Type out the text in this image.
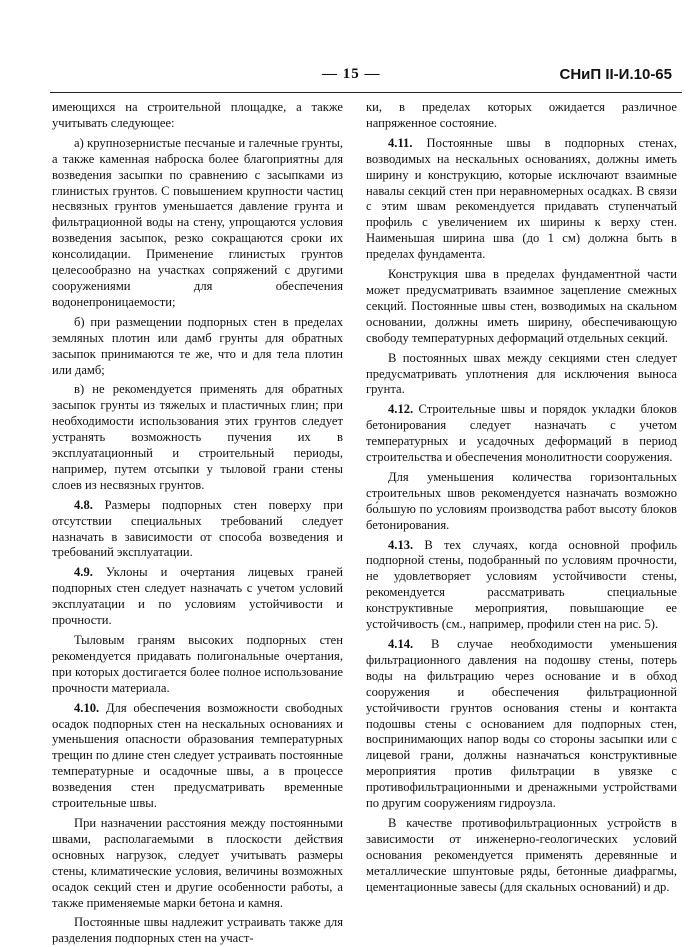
— 15 —	СНиП II-И.10-65

имеющихся на строительной площадке, а также учитывать следующее:

а) крупнозернистые песчаные и галечные грунты, а также каменная наброска более благоприятны для возведения засыпки по сравнению с засыпками из глинистых грунтов. С повышением крупности частиц несвязных грунтов уменьшается давление грунта и фильтрационной воды на стену, упрощаются условия возведения засыпок, резко сокращаются сроки их консолидации. Применение глинистых грунтов целесообразно на участках сопряжений с другими сооружениями для обеспечения водонепроницаемости;

б) при размещении подпорных стен в пределах земляных плотин или дамб грунты для обратных засыпок принимаются те же, что и для тела плотин или дамб;

в) не рекомендуется применять для обратных засыпок грунты из тяжелых и пластичных глин; при необходимости использования этих грунтов следует устранять возможность пучения их в эксплуатационный и строительный периоды, например, путем отсыпки у тыловой грани стены слоев из несвязных грунтов.

4.8. Размеры подпорных стен поверху при отсутствии специальных требований следует назначать в зависимости от способа возведения и требований эксплуатации.

4.9. Уклоны и очертания лицевых граней подпорных стен следует назначать с учетом условий эксплуатации и по условиям устойчивости и прочности.

Тыловым граням высоких подпорных стен рекомендуется придавать полигональные очертания, при которых достигается более полное использование прочности материала.

4.10. Для обеспечения возможности свободных осадок подпорных стен на нескальных основаниях и уменьшения опасности образования температурных трещин по длине стен следует устраивать постоянные температурные и осадочные швы, а в процессе возведения стен предусматривать временные строительные швы.

При назначении расстояния между постоянными швами, располагаемыми в плоскости действия основных нагрузок, следует учитывать размеры стены, климатические условия, величины возможных осадок секций стен и другие особенности работы, а также применяемые марки бетона и камня.

Постоянные швы надлежит устраивать также для разделения подпорных стен на участ-

ки, в пределах которых ожидается различное напряженное состояние.

4.11. Постоянные швы в подпорных стенах, возводимых на нескальных основаниях, должны иметь ширину и конструкцию, которые исключают взаимные навалы секций стен при неравномерных осадках. В связи с этим швам рекомендуется придавать ступенчатый профиль с увеличением их ширины к верху стен. Наименьшая ширина шва (до 1 см) должна быть в пределах фундамента.

Конструкция шва в пределах фундаментной части может предусматривать взаимное зацепление смежных секций. Постоянные швы стен, возводимых на скальном основании, должны иметь ширину, обеспечивающую свободу температурных деформаций отдельных секций.

В постоянных швах между секциями стен следует предусматривать уплотнения для исключения выноса грунта.

4.12. Строительные швы и порядок укладки блоков бетонирования следует назначать с учетом температурных и усадочных деформаций в период строительства и обеспечения монолитности сооружения.

Для уменьшения количества горизонтальных строительных швов рекомендуется назначать возможно бо́льшую по условиям производства работ высоту блоков бетонирования.

4.13. В тех случаях, когда основной профиль подпорной стены, подобранный по условиям прочности, не удовлетворяет условиям устойчивости стены, рекомендуется рассматривать специальные конструктивные мероприятия, повышающие ее устойчивость (см., например, профили стен на рис. 5).

4.14. В случае необходимости уменьшения фильтрационного давления на подошву стены, потерь воды на фильтрацию через основание и в обход сооружения и обеспечения фильтрационной устойчивости грунтов основания стены и контакта подошвы стены с основанием для подпорных стен, воспринимающих напор воды со стороны засыпки или с лицевой грани, должны назначаться конструктивные мероприятия против фильтрации в увязке с противофильтрационными и дренажными устройствами по другим сооружениям гидроузла.

В качестве противофильтрационных устройств в зависимости от инженерно-геологических условий основания рекомендуется применять деревянные и металлические шпунтовые ряды, бетонные диафрагмы, цементационные завесы (для скальных оснований) и др.
